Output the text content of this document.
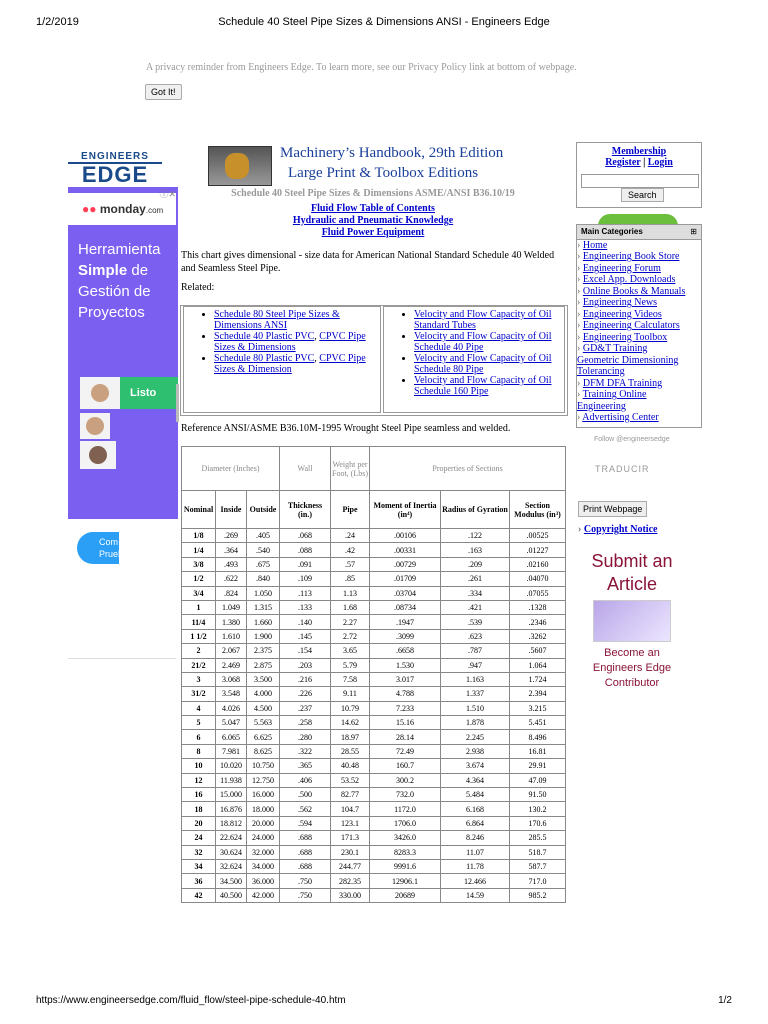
1/2/2019	Schedule 40 Steel Pipe Sizes & Dimensions ANSI - Engineers Edge
A privacy reminder from Engineers Edge. To learn more, see our Privacy Policy link at bottom of webpage.
Got It!
ENGINEERS
EDGE
●● monday.com
ⓘ✕
Herramienta
Simple de
Gestión de
Proyectos
Listo
Com
Prueba
Machinery’s Handbook, 29th Edition
Large Print & Toolbox Editions
Schedule 40 Steel Pipe Sizes & Dimensions ASME/ANSI B36.10/19
Fluid Flow Table of Contents
Hydraulic and Pneumatic Knowledge
Fluid Power Equipment
This chart gives dimensional - size data for American National Standard Schedule 40 Welded and Seamless Steel Pipe.
Related:
• Schedule 80 Steel Pipe Sizes & Dimensions ANSI
• Schedule 40 Plastic PVC, CPVC Pipe Sizes & Dimensions
• Schedule 80 Plastic PVC, CPVC Pipe Sizes & Dimension
• Velocity and Flow Capacity of Oil Standard Tubes
• Velocity and Flow Capacity of Oil Schedule 40 Pipe
• Velocity and Flow Capacity of Oil Schedule 80 Pipe
• Velocity and Flow Capacity of Oil Schedule 160 Pipe
Reference ANSI/ASME B36.10M-1995 Wrought Steel Pipe seamless and welded.
Diameter (Inches)			Wall	Weight per Foot, (Lbs)	Properties of Sections		
Nominal	Inside	Outside	Thickness (in.)	Pipe	Moment of Inertia (in⁴)	Radius of Gyration	Section Modulus (in³)
1/8	.269	.405	.068	.24	.00106	.122	.00525
1/4	.364	.540	.088	.42	.00331	.163	.01227
3/8	.493	.675	.091	.57	.00729	.209	.02160
1/2	.622	.840	.109	.85	.01709	.261	.04070
3/4	.824	1.050	.113	1.13	.03704	.334	.07055
1	1.049	1.315	.133	1.68	.08734	.421	.1328
11/4	1.380	1.660	.140	2.27	.1947	.539	.2346
1 1/2	1.610	1.900	.145	2.72	.3099	.623	.3262
2	2.067	2.375	.154	3.65	.6658	.787	.5607
21/2	2.469	2.875	.203	5.79	1.530	.947	1.064
3	3.068	3.500	.216	7.58	3.017	1.163	1.724
31/2	3.548	4.000	.226	9.11	4.788	1.337	2.394
4	4.026	4.500	.237	10.79	7.233	1.510	3.215
5	5.047	5.563	.258	14.62	15.16	1.878	5.451
6	6.065	6.625	.280	18.97	28.14	2.245	8.496
8	7.981	8.625	.322	28.55	72.49	2.938	16.81
10	10.020	10.750	.365	40.48	160.7	3.674	29.91
12	11.938	12.750	.406	53.52	300.2	4.364	47.09
16	15.000	16.000	.500	82.77	732.0	5.484	91.50
18	16.876	18.000	.562	104.7	1172.0	6.168	130.2
20	18.812	20.000	.594	123.1	1706.0	6.864	170.6
24	22.624	24.000	.688	171.3	3426.0	8.246	285.5
32	30.624	32.000	.688	230.1	8283.3	11.07	518.7
34	32.624	34.000	.688	244.77	9991.6	11.78	587.7
36	34.500	36.000	.750	282.35	12906.1	12.466	717.0
42	40.500	42.000	.750	330.00	20689	14.59	985.2
Membership
Register | Login
Search
Main Categories	⊞
› Home
› Engineering Book Store
› Engineering Forum
› Excel App. Downloads
› Online Books & Manuals
› Engineering News
› Engineering Videos
› Engineering Calculators
› Engineering Toolbox
› GD&T Training
Geometric Dimensioning
Tolerancing
› DFM DFA Training
› Training Online
Engineering
› Advertising Center
Follow @engineersedge
TRADUCIR
Print Webpage
› Copyright Notice
Submit an
Article
Become an
Engineers Edge
Contributor
https://www.engineersedge.com/fluid_flow/steel-pipe-schedule-40.htm	1/2
